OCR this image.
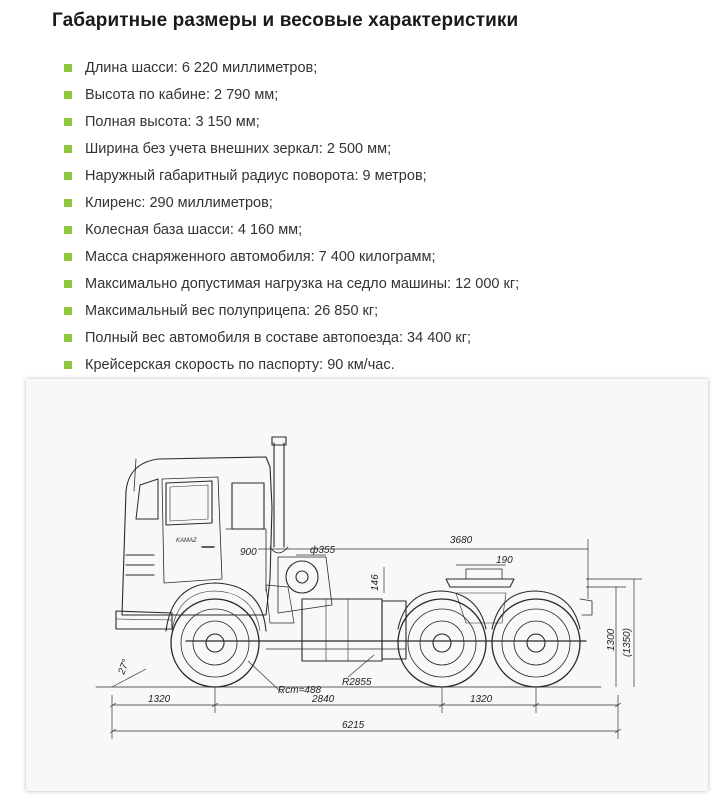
Габаритные размеры и весовые характеристики
Длина шасси: 6 220 миллиметров;
Высота по кабине: 2 790 мм;
Полная высота: 3 150 мм;
Ширина без учета внешних зеркал: 2 500 мм;
Наружный габаритный радиус поворота: 9 метров;
Клиренс: 290 миллиметров;
Колесная база шасси: 4 160 мм;
Масса снаряженного автомобиля: 7 400 килограмм;
Максимально допустимая нагрузка на седло машины: 12 000 кг;
Максимальный вес полуприцепа: 26 850 кг;
Полный вес автомобиля в составе автопоезда: 34 400 кг;
Крейсерская скорость по паспорту: 90 км/час.
3680
190
ф355
146
900
1300 (1350)
27°
Rст=488
R2855
1320	2840	1320
6215
KAMAZ
